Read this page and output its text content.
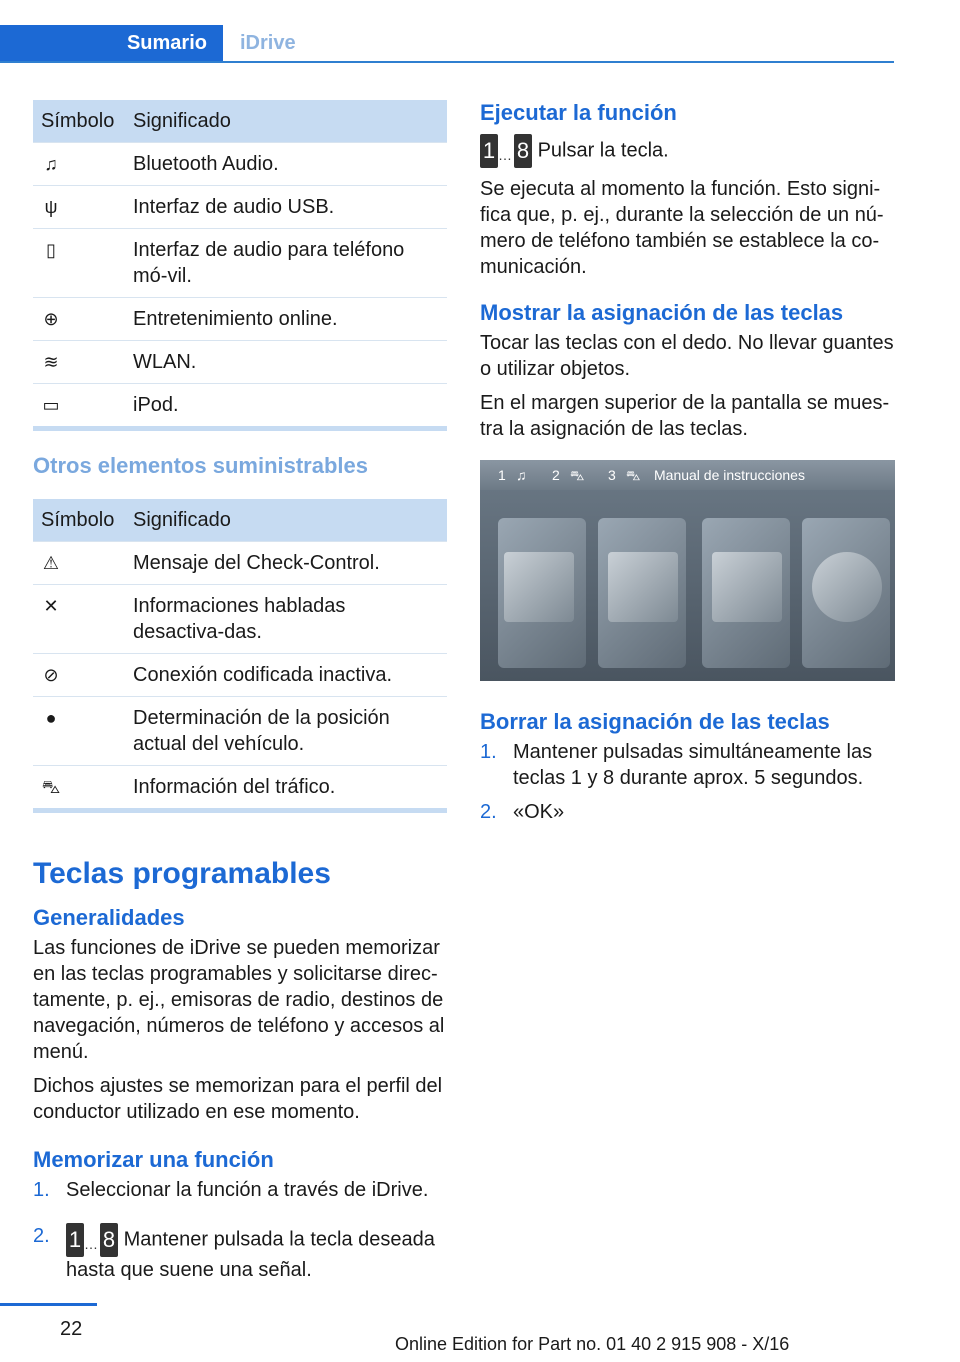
Sumario	iDrive
Símbolo	Significado
♫	Bluetooth Audio.
ψ	Interfaz de audio USB.
▯	Interfaz de audio para teléfono mó-vil.
⊕	Entretenimiento online.
≋	WLAN.
▭	iPod.
Otros elementos suministrables
Símbolo	Significado
⚠	Mensaje del Check-Control.
✕	Informaciones habladas desactiva-das.
⊘	Conexión codificada inactiva.
●	Determinación de la posición actual del vehículo.
⛍	Información del tráfico.
Teclas programables
Generalidades

Las funciones de iDrive se pueden memorizar en las teclas programables y solicitarse direc-tamente, p. ej., emisoras de radio, destinos de navegación, números de teléfono y accesos al menú.

Dichos ajustes se memorizan para el perfil del conductor utilizado en ese momento.

Memorizar una función
1. Seleccionar la función a través de iDrive.
2. 1 … 8 Mantener pulsada la tecla deseada hasta que suene una señal.
Ejecutar la función

1 … 8 Pulsar la tecla.

Se ejecuta al momento la función. Esto signi-fica que, p. ej., durante la selección de un nú-mero de teléfono también se establece la co-municación.

Mostrar la asignación de las teclas

Tocar las teclas con el dedo. No llevar guantes o utilizar objetos.

En el margen superior de la pantalla se mues-tra la asignación de las teclas.

1 ♫ 2 ⛍ 3 ⛍ Manual de instrucciones
Borrar la asignación de las teclas
1. Mantener pulsadas simultáneamente las teclas 1 y 8 durante aprox. 5 segundos.
2. «OK»
22
Online Edition for Part no. 01 40 2 915 908 - X/16
